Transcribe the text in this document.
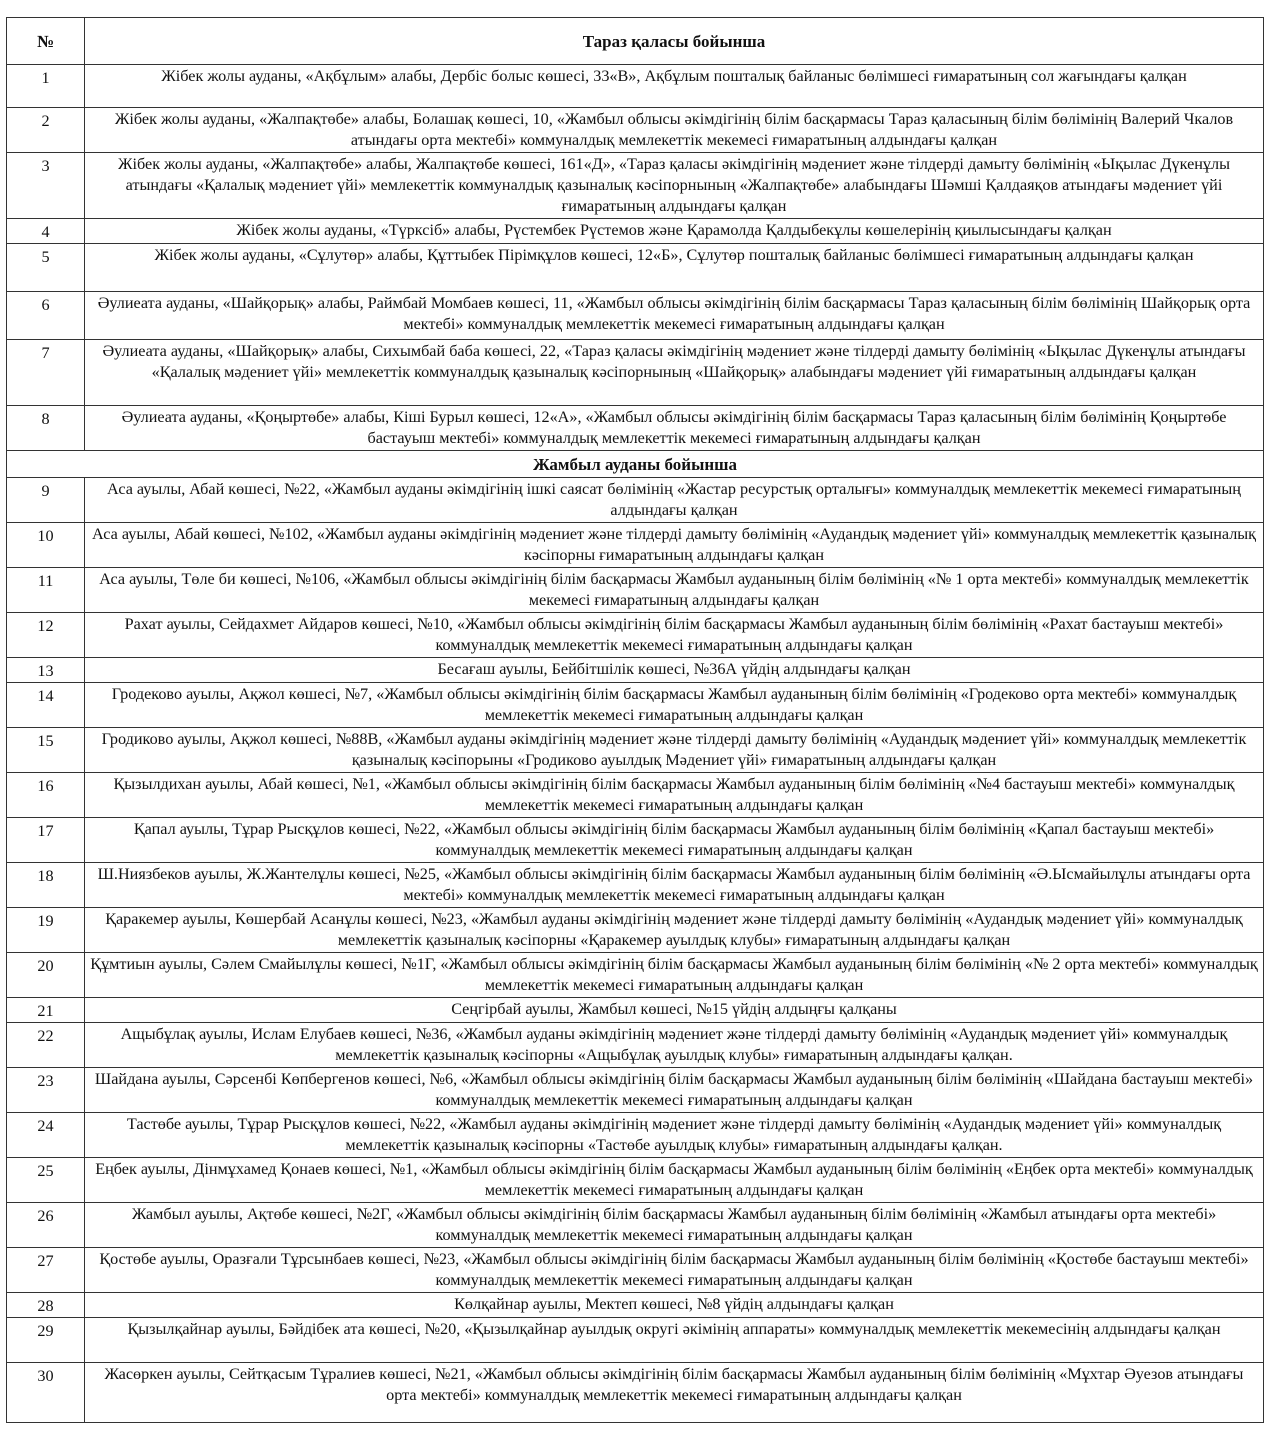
№	Тараз қаласы бойынша
1	Жібек жолы ауданы, «Ақбұлым» алабы, Дербіс болыс көшесі, 33«В», Ақбұлым пошталық байланыс бөлімшесі ғимаратының сол жағындағы қалқан
2	Жібек жолы ауданы, «Жалпақтөбе» алабы, Болашақ көшесі, 10, «Жамбыл облысы әкімдігінің білім басқармасы Тараз қаласының білім бөлімінің Валерий Чкалов атындағы орта мектебі» коммуналдық мемлекеттік мекемесі ғимаратының алдындағы қалқан
3	Жібек жолы ауданы, «Жалпақтөбе» алабы, Жалпақтөбе көшесі, 161«Д», «Тараз қаласы әкімдігінің мәдениет және тілдерді дамыту бөлімінің «Ықылас Дүкенұлы атындағы «Қалалық мәдениет үйі» мемлекеттік коммуналдық қазыналық кәсіпорнының «Жалпақтөбе» алабындағы Шәмші Қалдаяқов атындағы мәдениет үйі ғимаратының алдындағы қалқан
4	Жібек жолы ауданы, «Түрксіб» алабы, Рүстембек Рүстемов және Қарамолда Қалдыбекұлы көшелерінің қиылысындағы қалқан
5	Жібек жолы ауданы, «Сұлутөр» алабы, Құттыбек Пірімқұлов көшесі, 12«Б», Сұлутөр пошталық байланыс бөлімшесі ғимаратының алдындағы қалқан
6	Әулиеата ауданы, «Шайқорық» алабы, Раймбай Момбаев көшесі, 11, «Жамбыл облысы әкімдігінің білім басқармасы Тараз қаласының білім бөлімінің Шайқорық орта мектебі» коммуналдық мемлекеттік мекемесі ғимаратының алдындағы қалқан
7	Әулиеата ауданы, «Шайқорық» алабы, Сихымбай баба көшесі, 22, «Тараз қаласы әкімдігінің мәдениет және тілдерді дамыту бөлімінің «Ықылас Дүкенұлы атындағы «Қалалық мәдениет үйі» мемлекеттік коммуналдық қазыналық кәсіпорнының «Шайқорық» алабындағы мәдениет үйі ғимаратының алдындағы қалқан
8	Әулиеата ауданы, «Қоңыртөбе» алабы, Кіші Бурыл көшесі, 12«А», «Жамбыл облысы әкімдігінің білім басқармасы Тараз қаласының білім бөлімінің Қоңыртөбе бастауыш мектебі» коммуналдық мемлекеттік мекемесі ғимаратының алдындағы қалқан
Жамбыл ауданы бойынша	
9	Аса ауылы, Абай көшесі, №22, «Жамбыл ауданы әкімдігінің ішкі саясат бөлімінің «Жастар ресурстық орталығы» коммуналдық мемлекеттік мекемесі ғимаратының алдындағы қалқан
10	Аса ауылы, Абай көшесі, №102, «Жамбыл ауданы әкімдігінің мәдениет және тілдерді дамыту бөлімінің «Аудандық мәдениет үйі» коммуналдық мемлекеттік қазыналық кәсіпорны ғимаратының алдындағы қалқан
11	Аса ауылы, Төле би көшесі, №106, «Жамбыл облысы әкімдігінің білім басқармасы Жамбыл ауданының білім бөлімінің «№ 1 орта мектебі» коммуналдық мемлекеттік мекемесі ғимаратының алдындағы қалқан
12	Рахат ауылы, Сейдахмет Айдаров көшесі, №10, «Жамбыл облысы әкімдігінің білім басқармасы Жамбыл ауданының білім бөлімінің «Рахат бастауыш мектебі» коммуналдық мемлекеттік мекемесі ғимаратының алдындағы қалқан
13	Бесағаш ауылы, Бейбітшілік көшесі, №36А үйдің алдындағы қалқан
14	Гродеково ауылы, Ақжол көшесі, №7, «Жамбыл облысы әкімдігінің білім басқармасы Жамбыл ауданының білім бөлімінің «Гродеково орта мектебі» коммуналдық мемлекеттік мекемесі ғимаратының алдындағы қалқан
15	Гродиково ауылы, Ақжол көшесі, №88В, «Жамбыл ауданы әкімдігінің мәдениет және тілдерді дамыту бөлімінің «Аудандық мәдениет үйі» коммуналдық мемлекеттік қазыналық кәсіпорыны «Гродиково ауылдық Мәдениет үйі» ғимаратының алдындағы қалқан
16	Қызылдихан ауылы, Абай көшесі, №1, «Жамбыл облысы әкімдігінің білім басқармасы Жамбыл ауданының білім бөлімінің «№4 бастауыш мектебі» коммуналдық мемлекеттік мекемесі ғимаратының алдындағы қалқан
17	Қапал ауылы, Тұрар Рысқұлов көшесі, №22, «Жамбыл облысы әкімдігінің білім басқармасы Жамбыл ауданының білім бөлімінің «Қапал бастауыш мектебі» коммуналдық мемлекеттік мекемесі ғимаратының алдындағы қалқан
18	Ш.Ниязбеков ауылы, Ж.Жантелұлы көшесі, №25, «Жамбыл облысы әкімдігінің білім басқармасы Жамбыл ауданының білім бөлімінің «Ә.Ысмайылұлы атындағы орта мектебі» коммуналдық мемлекеттік мекемесі ғимаратының алдындағы қалқан
19	Қаракемер ауылы, Көшербай Асанұлы көшесі, №23, «Жамбыл ауданы әкімдігінің мәдениет және тілдерді дамыту бөлімінің «Аудандық мәдениет үйі» коммуналдық мемлекеттік қазыналық кәсіпорны «Қаракемер ауылдық клубы» ғимаратының алдындағы қалқан
20	Құмтиын ауылы, Сәлем Смайылұлы көшесі, №1Г, «Жамбыл облысы әкімдігінің білім басқармасы Жамбыл ауданының білім бөлімінің «№ 2 орта мектебі» коммуналдық мемлекеттік мекемесі ғимаратының алдындағы қалқан
21	Сеңгірбай ауылы, Жамбыл көшесі, №15 үйдің алдыңғы қалқаны
22	Ащыбұлақ ауылы, Ислам Елубаев көшесі, №36, «Жамбыл ауданы әкімдігінің мәдениет және тілдерді дамыту бөлімінің «Аудандық мәдениет үйі» коммуналдық мемлекеттік қазыналық кәсіпорны «Ащыбұлақ ауылдық клубы» ғимаратының алдындағы қалқан.
23	Шайдана ауылы, Сәрсенбі Көпбергенов көшесі, №6, «Жамбыл облысы әкімдігінің білім басқармасы Жамбыл ауданының білім бөлімінің «Шайдана бастауыш мектебі» коммуналдық мемлекеттік мекемесі ғимаратының алдындағы қалқан
24	Тастөбе ауылы, Тұрар Рысқұлов көшесі, №22, «Жамбыл ауданы әкімдігінің мәдениет және тілдерді дамыту бөлімінің «Аудандық мәдениет үйі» коммуналдық мемлекеттік қазыналық кәсіпорны «Тастөбе ауылдық клубы» ғимаратының алдындағы қалқан.
25	Еңбек ауылы, Дінмұхамед Қонаев көшесі, №1, «Жамбыл облысы әкімдігінің білім басқармасы Жамбыл ауданының білім бөлімінің «Еңбек орта мектебі» коммуналдық мемлекеттік мекемесі ғимаратының алдындағы қалқан
26	Жамбыл ауылы, Ақтөбе көшесі, №2Г, «Жамбыл облысы әкімдігінің білім басқармасы Жамбыл ауданының білім бөлімінің «Жамбыл атындағы орта мектебі» коммуналдық мемлекеттік мекемесі ғимаратының алдындағы қалқан
27	Қостөбе ауылы, Оразғали Тұрсынбаев көшесі, №23, «Жамбыл облысы әкімдігінің білім басқармасы Жамбыл ауданының білім бөлімінің «Қостөбе бастауыш мектебі» коммуналдық мемлекеттік мекемесі ғимаратының алдындағы қалқан
28	Көлқайнар ауылы, Мектеп көшесі, №8 үйдің алдындағы қалқан
29	Қызылқайнар ауылы, Бәйдібек ата көшесі, №20, «Қызылқайнар ауылдық округі әкімінің аппараты» коммуналдық мемлекеттік мекемесінің алдындағы қалқан
30	Жасөркен ауылы, Сейтқасым Тұралиев көшесі, №21, «Жамбыл облысы әкімдігінің білім басқармасы Жамбыл ауданының білім бөлімінің «Мұхтар Әуезов атындағы орта мектебі» коммуналдық мемлекеттік мекемесі ғимаратының алдындағы қалқан
